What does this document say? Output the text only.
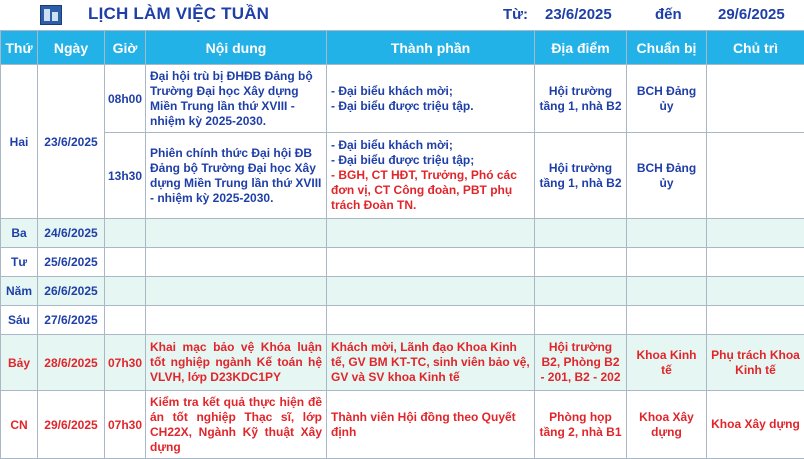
LỊCH LÀM VIỆC TUẦN	Từ: 23/6/2025	đến 29/6/2025
Thứ	Ngày	Giờ	Nội dung	Thành phần	Địa điểm	Chuẩn bị	Chủ trì
Hai	23/6/2025	08h00	Đại hội trù bị ĐHĐB Đảng bộ Trường Đại học Xây dựng Miền Trung lần thứ XVIII - nhiệm kỳ 2025-2030.	- Đại biểu khách mời;
- Đại biểu được triệu tập.	Hội trường tầng 1, nhà B2	BCH Đảng ủy	
		13h30	Phiên chính thức Đại hội ĐB Đảng bộ Trường Đại học Xây dựng Miền Trung lần thứ XVIII - nhiệm kỳ 2025-2030.	- Đại biểu khách mời;
- Đại biểu được triệu tập;
- BGH, CT HĐT, Trưởng, Phó các đơn vị, CT Công đoàn, PBT phụ trách Đoàn TN.	Hội trường tầng 1, nhà B2	BCH Đảng ủy	
Ba	24/6/2025						
Tư	25/6/2025						
Năm	26/6/2025						
Sáu	27/6/2025						
Bảy	28/6/2025	07h30	Khai mạc bảo vệ Khóa luận tốt nghiệp ngành Kế toán hệ VLVH, lớp D23KDC1PY	Khách mời, Lãnh đạo Khoa Kinh tế, GV BM KT-TC, sinh viên bảo vệ, GV và SV khoa Kinh tế	Hội trường B2, Phòng B2 - 201, B2 - 202	Khoa Kinh tế	Phụ trách Khoa Kinh tế
CN	29/6/2025	07h30	Kiểm tra kết quả thực hiện đề án tốt nghiệp Thạc sĩ, lớp CH22X, Ngành Kỹ thuật Xây dựng	Thành viên Hội đồng theo Quyết định	Phòng họp tầng 2, nhà B1	Khoa Xây dựng	Khoa Xây dựng
